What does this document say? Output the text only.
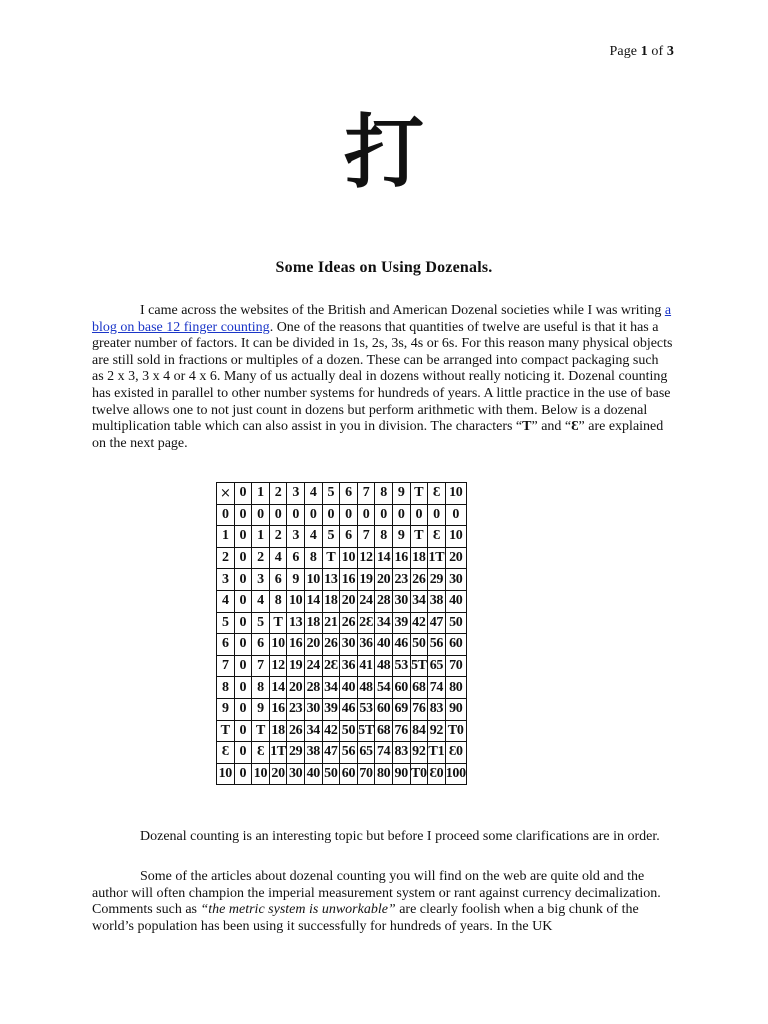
Page 1 of 3
打
Some Ideas on Using Dozenals.

I came across the websites of the British and American Dozenal societies while I was writing a blog on base 12 finger counting. One of the reasons that quantities of twelve are useful is that it has a greater number of factors. It can be divided in 1s, 2s, 3s, 4s or 6s. For this reason many physical objects are still sold in fractions or multiples of a dozen. These can be arranged into compact packaging such as 2 x 3, 3 x 4 or 4 x 6. Many of us actually deal in dozens without really noticing it. Dozenal counting has existed in parallel to other number systems for hundreds of years. A little practice in the use of base twelve allows one to not just count in dozens but perform arithmetic with them. Below is a dozenal multiplication table which can also assist in you in division. The characters “Ƭ” and “Ɛ” are explained on the next page.

×	0	1	2	3	4	5	6	7	8	9	Ƭ	Ɛ	10
0	0	0	0	0	0	0	0	0	0	0	0	0	0
1	0	1	2	3	4	5	6	7	8	9	Ƭ	Ɛ	10
2	0	2	4	6	8	Ƭ	10	12	14	16	18	1Ƭ	20
3	0	3	6	9	10	13	16	19	20	23	26	29	30
4	0	4	8	10	14	18	20	24	28	30	34	38	40
5	0	5	Ƭ	13	18	21	26	2Ɛ	34	39	42	47	50
6	0	6	10	16	20	26	30	36	40	46	50	56	60
7	0	7	12	19	24	2Ɛ	36	41	48	53	5Ƭ	65	70
8	0	8	14	20	28	34	40	48	54	60	68	74	80
9	0	9	16	23	30	39	46	53	60	69	76	83	90
Ƭ	0	Ƭ	18	26	34	42	50	5Ƭ	68	76	84	92	Ƭ0
Ɛ	0	Ɛ	1Ƭ	29	38	47	56	65	74	83	92	Ƭ1	Ɛ0
10	0	10	20	30	40	50	60	70	80	90	Ƭ0	Ɛ0	100

Dozenal counting is an interesting topic but before I proceed some clarifications are in order.

Some of the articles about dozenal counting you will find on the web are quite old and the author will often champion the imperial measurement system or rant against currency decimalization. Comments such as “the metric system is unworkable” are clearly foolish when a big chunk of the world’s population has been using it successfully for hundreds of years. In the UK
